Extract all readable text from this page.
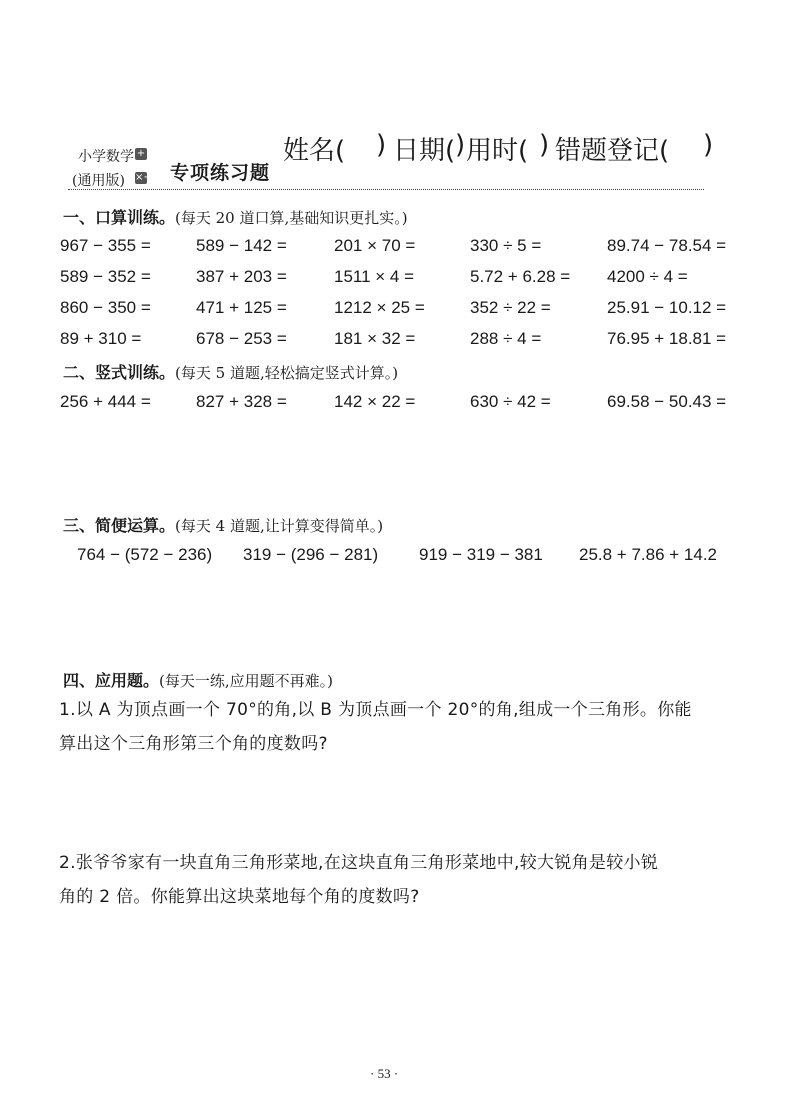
小学数学 +−
(通用版) ×÷ 专项练习题
姓名( ) 日期( ) 用时( ) 错题登记( )
一、口算训练。(每天 20 道口算,基础知识更扎实。)
967 − 355 =	589 − 142 =	201 × 70 =	330 ÷ 5 =	89.74 − 78.54 =
589 − 352 =	387 + 203 =	1511 × 4 =	5.72 + 6.28 = 4200 ÷ 4 =
860 − 350 =	471 + 125 =	1212 × 25 =	352 ÷ 22 =	25.91 − 10.12 =
89 + 310 =	678 − 253 =	181 × 32 =	288 ÷ 4 =	76.95 + 18.81 =
二、竖式训练。(每天 5 道题,轻松搞定竖式计算。)
256 + 444 =	827 + 328 =	142 × 22 =	630 ÷ 42 =	69.58 − 50.43 =
三、简便运算。(每天 4 道题,让计算变得简单。)
764 − (572 − 236) 319 − (296 − 281) 919 − 319 − 381 25.8 + 7.86 + 14.2
四、应用题。(每天一练,应用题不再难。)
1.以 A 为顶点画一个 70°的角,以 B 为顶点画一个 20°的角,组成一个三角形。你能
算出这个三角形第三个角的度数吗?
2.张爷爷家有一块直角三角形菜地,在这块直角三角形菜地中,较大锐角是较小锐
角的 2 倍。你能算出这块菜地每个角的度数吗?
· 53 ·
